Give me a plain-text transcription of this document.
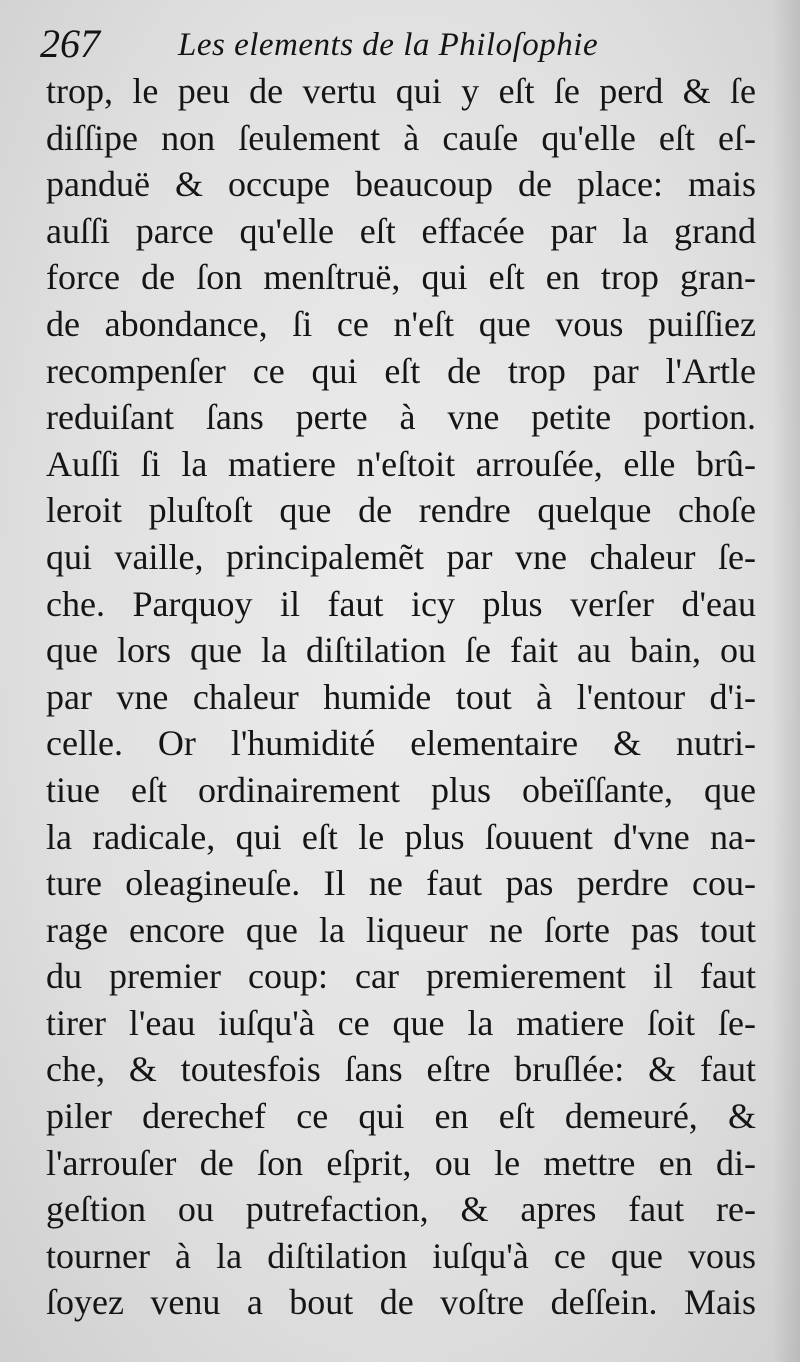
267 Les elements de la Philoſophie
trop, le peu de vertu qui y eſt ſe perd & ſe
diſſipe non ſeulement à cauſe qu'elle eſt eſ-
panduë & occupe beaucoup de place: mais
auſſi parce qu'elle eſt effacée par la grand
force de ſon menſtruë, qui eſt en trop gran-
de abondance, ſi ce n'eſt que vous puiſſiez
recompenſer ce qui eſt de trop par l'Artle
reduiſant ſans perte à vne petite portion.
Auſſi ſi la matiere n'eſtoit arrouſée, elle brû-
leroit pluſtoſt que de rendre quelque choſe
qui vaille, principalemẽt par vne chaleur ſe-
che. Parquoy il faut icy plus verſer d'eau
que lors que la diſtilation ſe fait au bain, ou
par vne chaleur humide tout à l'entour d'i-
celle. Or l'humidité elementaire & nutri-
tiue eſt ordinairement plus obeïſſante, que
la radicale, qui eſt le plus ſouuent d'vne na-
ture oleagineuſe. Il ne faut pas perdre cou-
rage encore que la liqueur ne ſorte pas tout
du premier coup: car premierement il faut
tirer l'eau iuſqu'à ce que la matiere ſoit ſe-
che, & toutesfois ſans eſtre bruſlée: & faut
piler derechef ce qui en eſt demeuré, &
l'arrouſer de ſon eſprit, ou le mettre en di-
geſtion ou putrefaction, & apres faut re-
tourner à la diſtilation iuſqu'à ce que vous
ſoyez venu a bout de voſtre deſſein. Mais
